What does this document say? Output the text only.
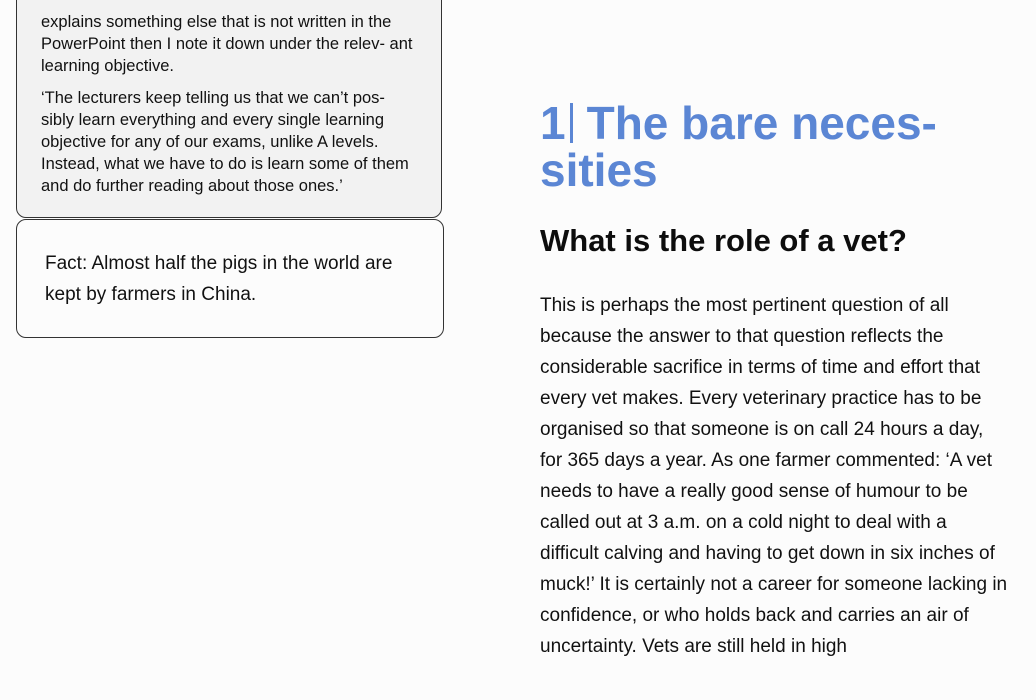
explains something else that is not written in the PowerPoint then I note it down under the relev- ant learning objective.

‘The lecturers keep telling us that we can’t pos- sibly learn everything and every single learning objective for any of our exams, unlike A levels. Instead, what we have to do is learn some of them and do further reading about those ones.’

Fact: Almost half the pigs in the world are kept by farmers in China.

1 The bare neces- sities
What is the role of a vet?

This is perhaps the most pertinent question of all because the answer to that question reflects the considerable sacrifice in terms of time and effort that every vet makes. Every veterinary practice has to be organised so that someone is on call 24 hours a day, for 365 days a year. As one farmer commented: ‘A vet needs to have a really good sense of humour to be called out at 3 a.m. on a cold night to deal with a difficult calving and having to get down in six inches of muck!’ It is certainly not a career for someone lacking in confidence, or who holds back and carries an air of uncertainty. Vets are still held in high
